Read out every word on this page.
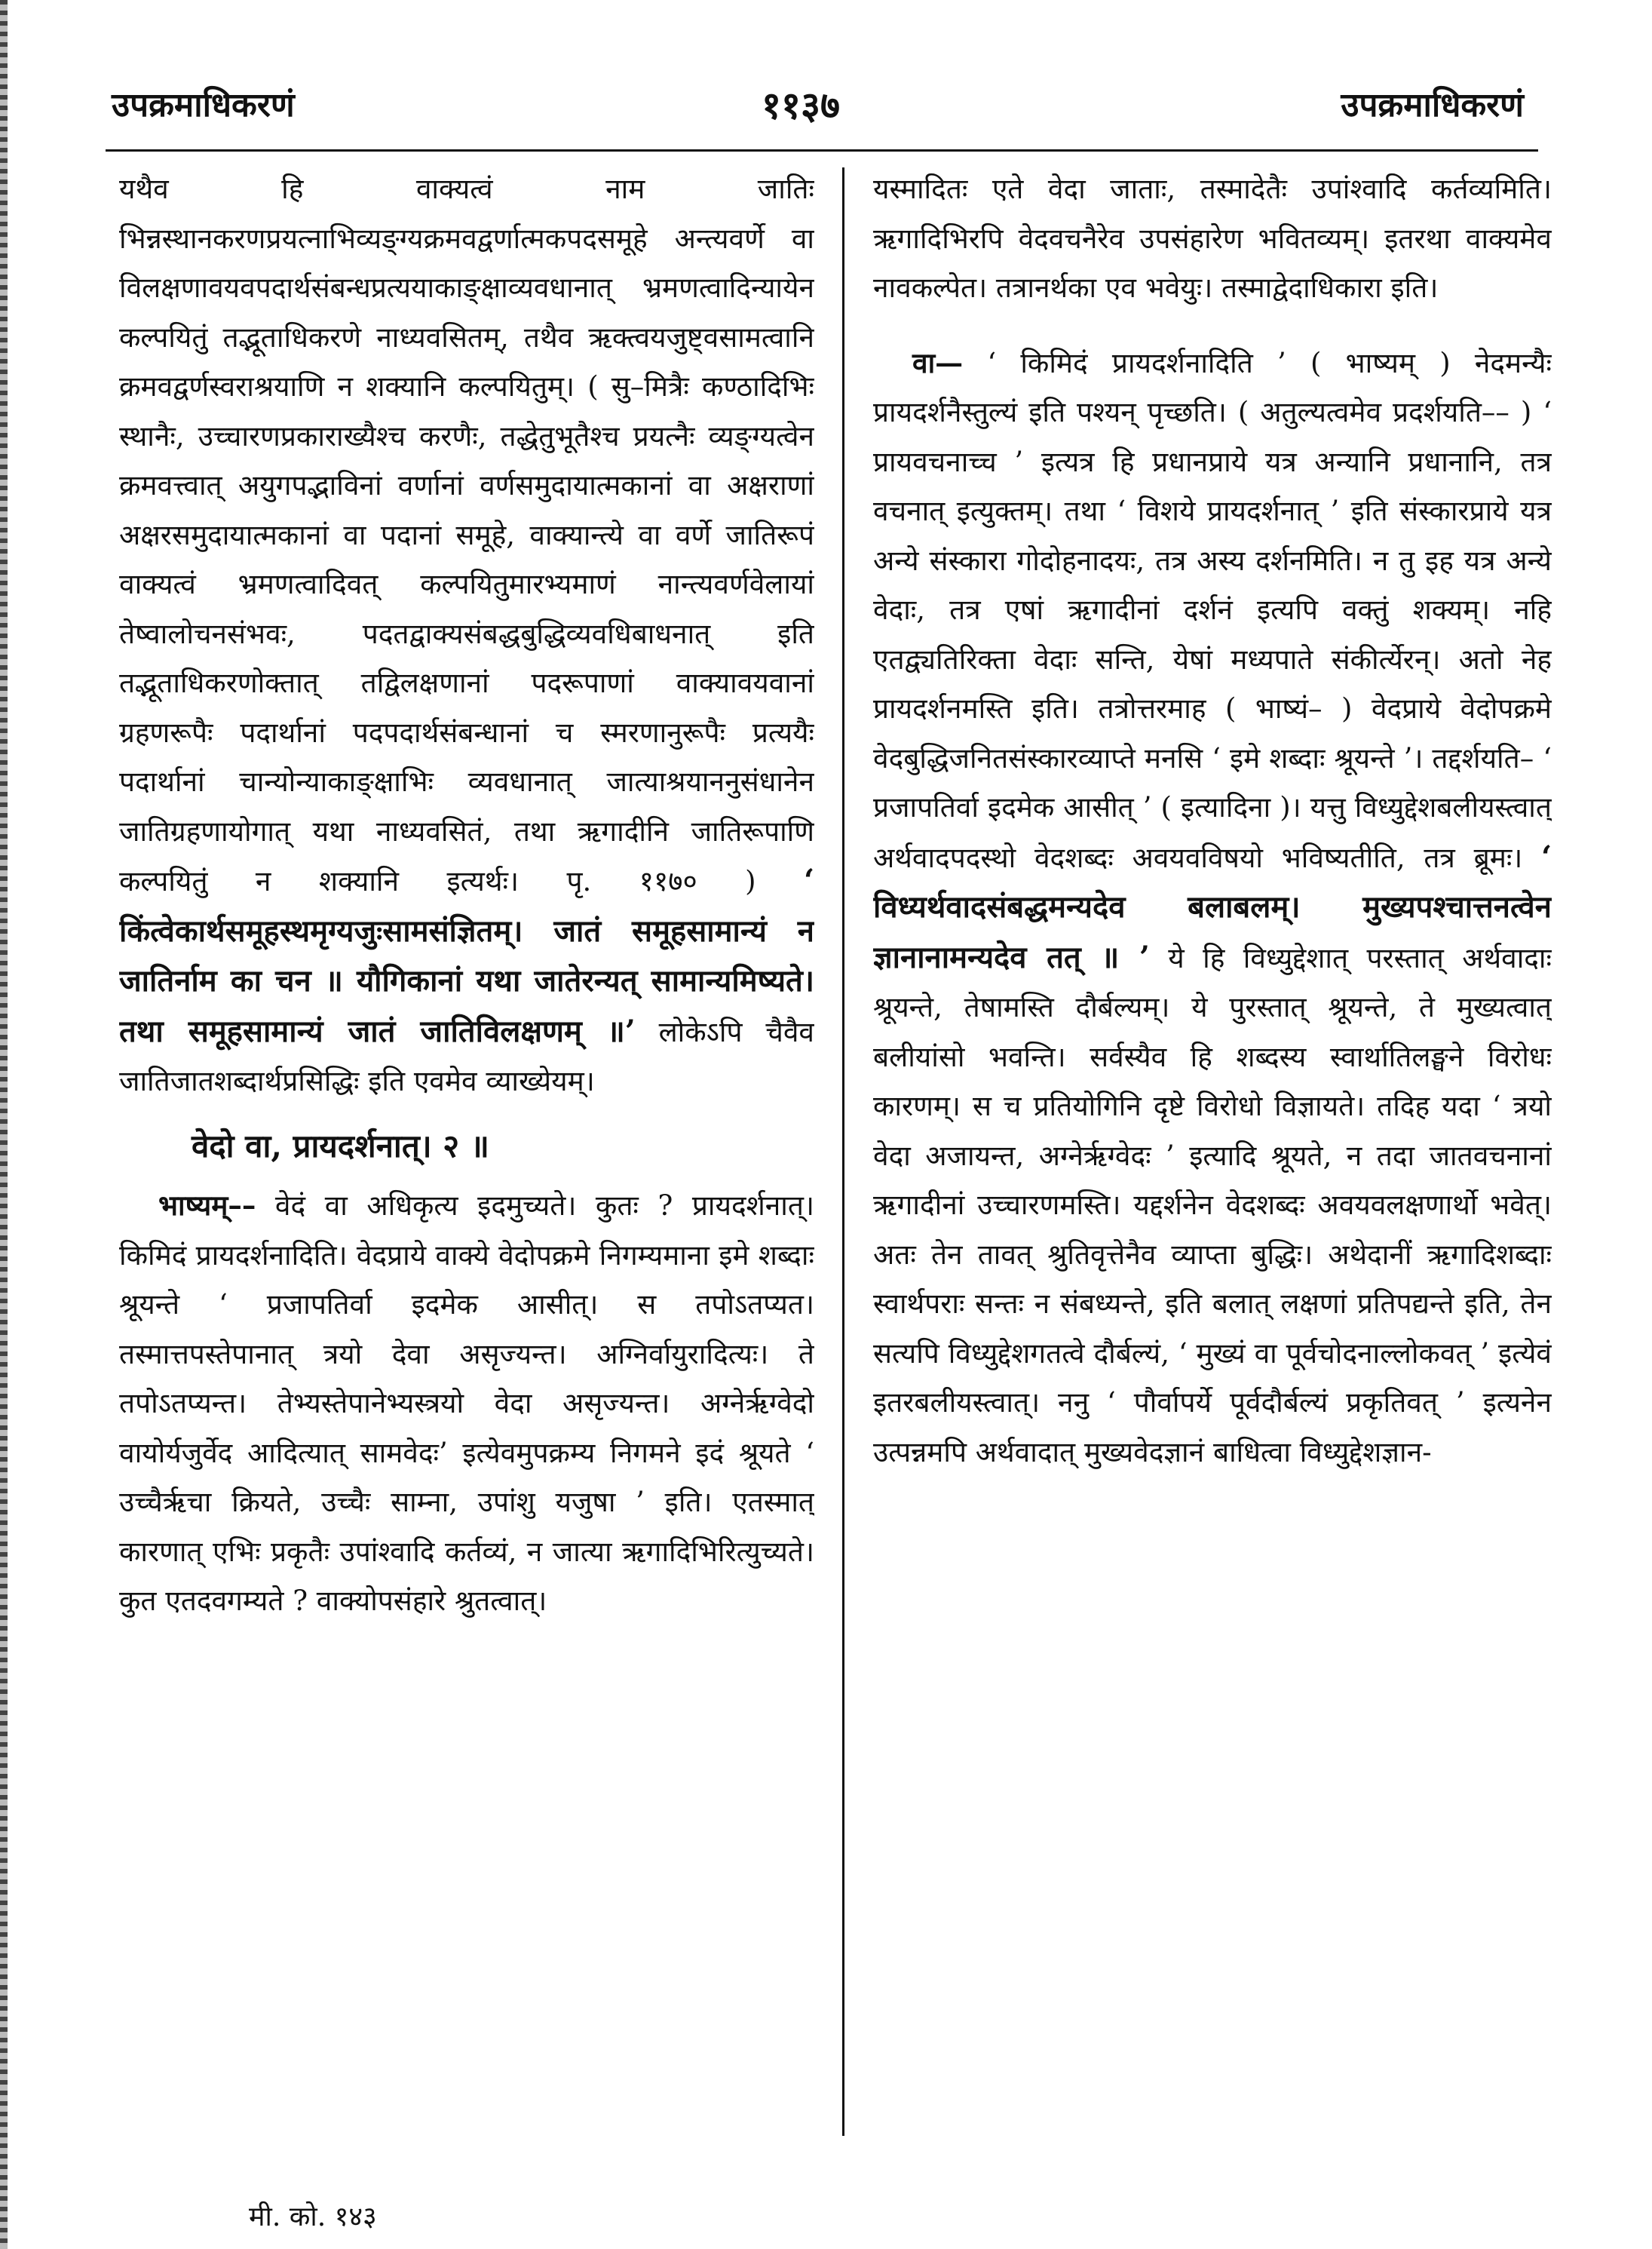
उपक्रमाधिकरणं	११३७	उपक्रमाधिकरणं

यथैव हि वाक्यत्वं नाम जातिः भिन्नस्थानकरणप्रयत्नाभिव्यङ्ग्यक्रमवद्वर्णात्मकपदसमूहे अन्त्यवर्णे वा विलक्षणावयवपदार्थसंबन्धप्रत्ययाकाङ्क्षाव्यवधानात् भ्रमणत्वादिन्यायेन कल्पयितुं तद्भूताधिकरणे नाध्यवसितम्, तथैव ऋक्त्वयजुष्ट्वसामत्वानि क्रमवद्वर्णस्वराश्रयाणि न शक्यानि कल्पयितुम्। ( सु–मित्रैः कण्ठादिभिः स्थानैः, उच्चारणप्रकाराख्यैश्च करणैः, तद्धेतुभूतैश्च प्रयत्नैः व्यङ्ग्यत्वेन क्रमवत्त्वात् अयुगपद्भाविनां वर्णानां वर्णसमुदायात्मकानां वा अक्षराणां अक्षरसमुदायात्मकानां वा पदानां समूहे, वाक्यान्त्ये वा वर्णे जातिरूपं वाक्यत्वं भ्रमणत्वादिवत् कल्पयितुमारभ्यमाणं नान्त्यवर्णवेलायां तेष्वालोचनसंभवः, पदतद्वाक्यसंबद्धबुद्धिव्यवधिबाधनात् इति तद्भूताधिकरणोक्तात् तद्विलक्षणानां पदरूपाणां वाक्यावयवानां ग्रहणरूपैः पदार्थानां पदपदार्थसंबन्धानां च स्मरणानुरूपैः प्रत्ययैः पदार्थानां चान्योन्याकाङ्क्षाभिः व्यवधानात् जात्याश्रयाननुसंधानेन जातिग्रहणायोगात् यथा नाध्यवसितं, तथा ऋगादीनि जातिरूपाणि कल्पयितुं न शक्यानि इत्यर्थः। पृ. ११७० ) ‘ किंत्वेकार्थसमूहस्थमृग्यजुःसामसंज्ञितम्। जातं समूहसामान्यं न जातिर्नाम का चन ॥ यौगिकानां यथा जातेरन्यत् सामान्यमिष्यते। तथा समूहसामान्यं जातं जातिविलक्षणम् ॥’ लोकेऽपि चैवैव जातिजातशब्दार्थप्रसिद्धिः इति एवमेव व्याख्येयम्।

वेदो वा, प्रायदर्शनात्। २ ॥

भाष्यम्–– वेदं वा अधिकृत्य इदमुच्यते। कुतः ? प्रायदर्शनात्। किमिदं प्रायदर्शनादिति। वेदप्राये वाक्ये वेदोपक्रमे निगम्यमाना इमे शब्दाः श्रूयन्ते ‘ प्रजापतिर्वा इदमेक आसीत्। स तपोऽतप्यत। तस्मात्तपस्तेपानात् त्रयो देवा असृज्यन्त। अग्निर्वायुरादित्यः। ते तपोऽतप्यन्त। तेभ्यस्तेपानेभ्यस्त्रयो वेदा असृज्यन्त। अग्नेर्ऋग्वेदो वायोर्यजुर्वेद आदित्यात् सामवेदः’ इत्येवमुपक्रम्य निगमने इदं श्रूयते ‘ उच्चैर्ऋचा क्रियते, उच्चैः साम्ना, उपांशु यजुषा ’ इति। एतस्मात् कारणात् एभिः प्रकृतैः उपांश्वादि कर्तव्यं, न जात्या ऋगादिभिरित्युच्यते। कुत एतदवगम्यते ? वाक्योपसंहारे श्रुतत्वात्।

यस्मादितः एते वेदा जाताः, तस्मादेतैः उपांश्वादि कर्तव्यमिति। ऋगादिभिरपि वेदवचनैरेव उपसंहारेण भवितव्यम्। इतरथा वाक्यमेव नावकल्पेत। तत्रानर्थका एव भवेयुः। तस्माद्वेदाधिकारा इति।

वा— ‘ किमिदं प्रायदर्शनादिति ’ ( भाष्यम् ) नेदमन्यैः प्रायदर्शनैस्तुल्यं इति पश्यन् पृच्छति। ( अतुल्यत्वमेव प्रदर्शयति–– ) ‘ प्रायवचनाच्च ’ इत्यत्र हि प्रधानप्राये यत्र अन्यानि प्रधानानि, तत्र वचनात् इत्युक्तम्। तथा ‘ विशये प्रायदर्शनात् ’ इति संस्कारप्राये यत्र अन्ये संस्कारा गोदोहनादयः, तत्र अस्य दर्शनमिति। न तु इह यत्र अन्ये वेदाः, तत्र एषां ऋगादीनां दर्शनं इत्यपि वक्तुं शक्यम्। नहि एतद्व्यतिरिक्ता वेदाः सन्ति, येषां मध्यपाते संकीर्त्येरन्। अतो नेह प्रायदर्शनमस्ति इति। तत्रोत्तरमाह ( भाष्यं– ) वेदप्राये वेदोपक्रमे वेदबुद्धिजनितसंस्कारव्याप्ते मनसि ‘ इमे शब्दाः श्रूयन्ते ’। तद्दर्शयति– ‘ प्रजापतिर्वा इदमेक आसीत् ’ ( इत्यादिना )। यत्तु विध्युद्देशबलीयस्त्वात् अर्थवादपदस्थो वेदशब्दः अवयवविषयो भविष्यतीति, तत्र ब्रूमः। ‘ विध्यर्थवादसंबद्धमन्यदेव बलाबलम्। मुख्यपश्चात्तनत्वेन ज्ञानानामन्यदेव तत् ॥ ’ ये हि विध्युद्देशात् परस्तात् अर्थवादाः श्रूयन्ते, तेषामस्ति दौर्बल्यम्। ये पुरस्तात् श्रूयन्ते, ते मुख्यत्वात् बलीयांसो भवन्ति। सर्वस्यैव हि शब्दस्य स्वार्थातिलङ्घने विरोधः कारणम्। स च प्रतियोगिनि दृष्टे विरोधो विज्ञायते। तदिह यदा ‘ त्रयो वेदा अजायन्त, अग्नेर्ऋग्वेदः ’ इत्यादि श्रूयते, न तदा जातवचनानां ऋगादीनां उच्चारणमस्ति। यद्दर्शनेन वेदशब्दः अवयवलक्षणार्थो भवेत्। अतः तेन तावत् श्रुतिवृत्तेनैव व्याप्ता बुद्धिः। अथेदानीं ऋगादिशब्दाः स्वार्थपराः सन्तः न संबध्यन्ते, इति बलात् लक्षणां प्रतिपद्यन्ते इति, तेन सत्यपि विध्युद्देशगतत्वे दौर्बल्यं, ‘ मुख्यं वा पूर्वचोदनाल्लोकवत् ’ इत्येवं इतरबलीयस्त्वात्। ननु ‘ पौर्वापर्ये पूर्वदौर्बल्यं प्रकृतिवत् ’ इत्यनेन उत्पन्नमपि अर्थवादात् मुख्यवेदज्ञानं बाधित्वा विध्युद्देशज्ञान-

मी. को. १४३
